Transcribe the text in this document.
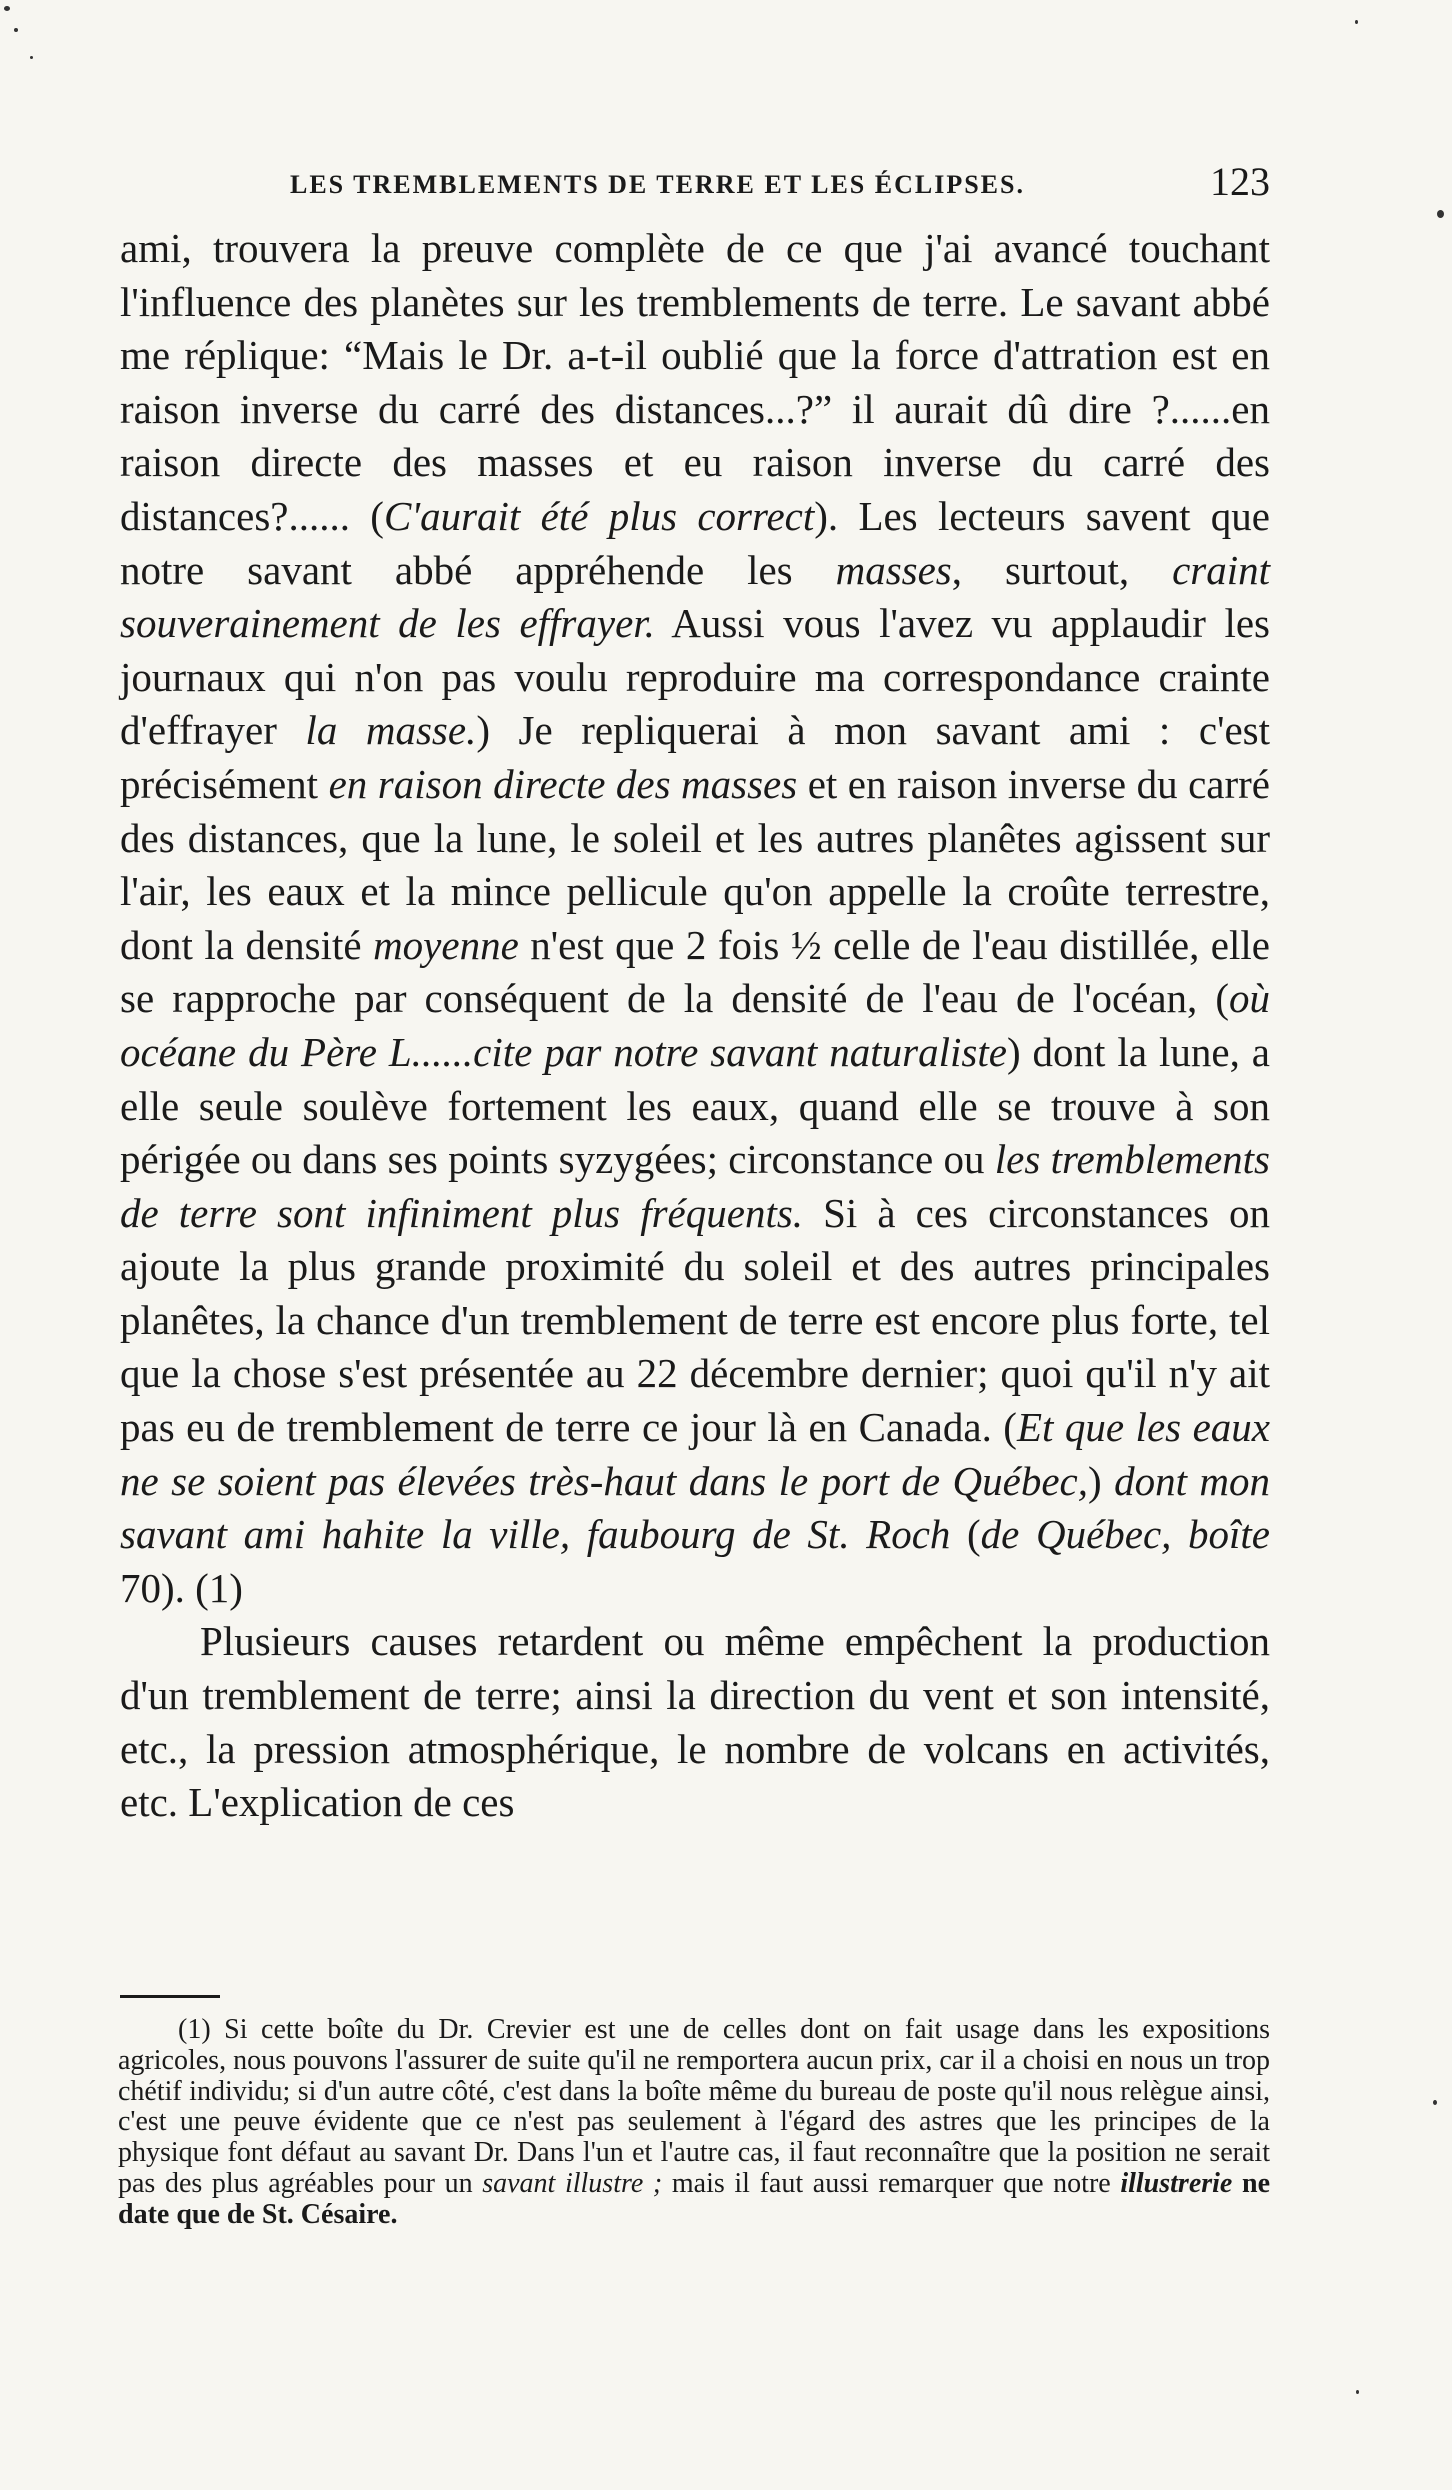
LES TREMBLEMENTS DE TERRE ET LES ÉCLIPSES.	123

ami, trouvera la preuve complète de ce que j'ai avancé touchant l'influence des planètes sur les tremblements de terre. Le savant abbé me réplique: “Mais le Dr. a-t-il oublié que la force d'attration est en raison inverse du carré des distances...?” il aurait dû dire ?......en raison directe des masses et eu raison inverse du carré des distances?...... (C'aurait été plus correct). Les lecteurs savent que notre savant abbé appréhende les masses, surtout, craint souverainement de les effrayer. Aussi vous l'avez vu applaudir les journaux qui n'on pas voulu reproduire ma correspondance crainte d'effrayer la masse.) Je repliquerai à mon savant ami : c'est précisément en raison directe des masses et en raison inverse du carré des distances, que la lune, le soleil et les autres planêtes agissent sur l'air, les eaux et la mince pellicule qu'on appelle la croûte terrestre, dont la densité moyenne n'est que 2 fois ½ celle de l'eau distillée, elle se rapproche par conséquent de la densité de l'eau de l'océan, (où océane du Père L......cite par notre savant naturaliste) dont la lune, a elle seule soulève fortement les eaux, quand elle se trouve à son périgée ou dans ses points syzygées; circonstance ou les tremblements de terre sont infiniment plus fréquents. Si à ces circonstances on ajoute la plus grande proximité du soleil et des autres principales planêtes, la chance d'un tremblement de terre est encore plus forte, tel que la chose s'est présentée au 22 décembre dernier; quoi qu'il n'y ait pas eu de tremblement de terre ce jour là en Canada. (Et que les eaux ne se soient pas élevées très-haut dans le port de Québec,) dont mon savant ami hahite la ville, faubourg de St. Roch (de Québec, boîte 70). (1)

Plusieurs causes retardent ou même empêchent la production d'un tremblement de terre; ainsi la direction du vent et son intensité, etc., la pression atmosphérique, le nombre de volcans en activités, etc. L'explication de ces

(1) Si cette boîte du Dr. Crevier est une de celles dont on fait usage dans les expositions agricoles, nous pouvons l'assurer de suite qu'il ne remportera aucun prix, car il a choisi en nous un trop chétif individu; si d'un autre côté, c'est dans la boîte même du bureau de poste qu'il nous relègue ainsi, c'est une peuve évidente que ce n'est pas seulement à l'égard des astres que les principes de la physique font défaut au savant Dr. Dans l'un et l'autre cas, il faut reconnaître que la position ne serait pas des plus agréables pour un savant illustre ; mais il faut aussi remarquer que notre illustrerie ne date que de St. Césaire.
